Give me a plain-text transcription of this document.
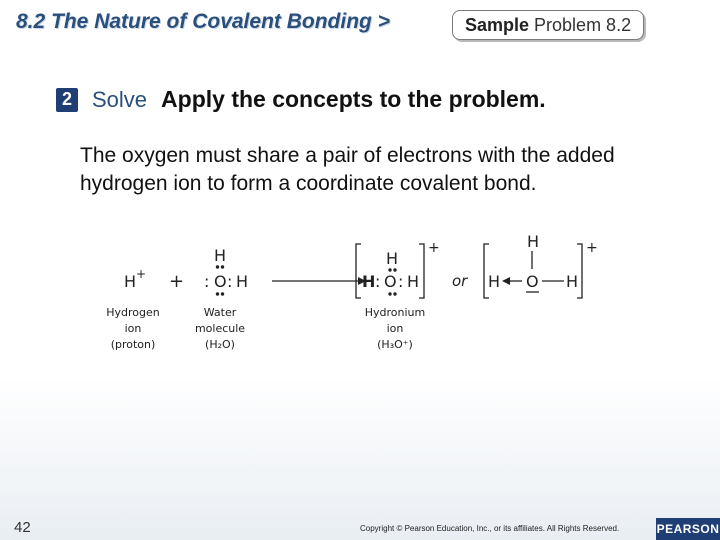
8.2 The Nature of Covalent Bonding >	Sample Problem 8.2
2 Solve Apply the concepts to the problem.
The oxygen must share a pair of electrons with the added hydrogen ion to form a coordinate covalent bond.
H + +
H
: O : H
H
H : O : H
+
or
H
H O H
+
Hydrogen
ion
(proton)
Water
molecule
(H₂O)
Hydronium
ion
(H₃O⁺)
42	Copyright © Pearson Education, Inc., or its affiliates. All Rights Reserved.	PEARSON
